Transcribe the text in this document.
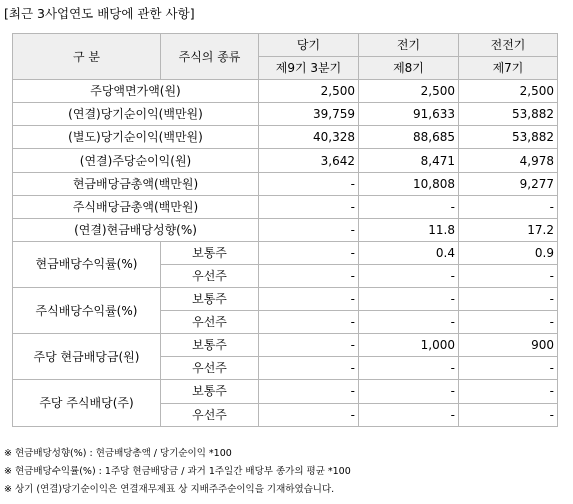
[최근 3사업연도 배당에 관한 사항]
구 분	주식의 종류	당기	전기	전전기
		제9기 3분기	제8기	제7기
주당액면가액(원)		2,500	2,500	2,500
(연결)당기순이익(백만원)		39,759	91,633	53,882
(별도)당기순이익(백만원)		40,328	88,685	53,882
(연결)주당순이익(원)		3,642	8,471	4,978
현금배당금총액(백만원)		-	10,808	9,277
주식배당금총액(백만원)		-	-	-
(연결)현금배당성향(%)		-	11.8	17.2
현금배당수익률(%)	보통주	-	0.4	0.9
	우선주	-	-	-
주식배당수익률(%)	보통주	-	-	-
	우선주	-	-	-
주당 현금배당금(원)	보통주	-	1,000	900
	우선주	-	-	-
주당 주식배당(주)	보통주	-	-	-
	우선주	-	-	-
※ 현금배당성향(%) : 현금배당총액 / 당기순이익 *100
※ 현금배당수익률(%) : 1주당 현금배당금 / 과거 1주일간 배당부 종가의 평균 *100
※ 상기 (연결)당기순이익은 연결재무제표 상 지배주주순이익을 기재하였습니다.
